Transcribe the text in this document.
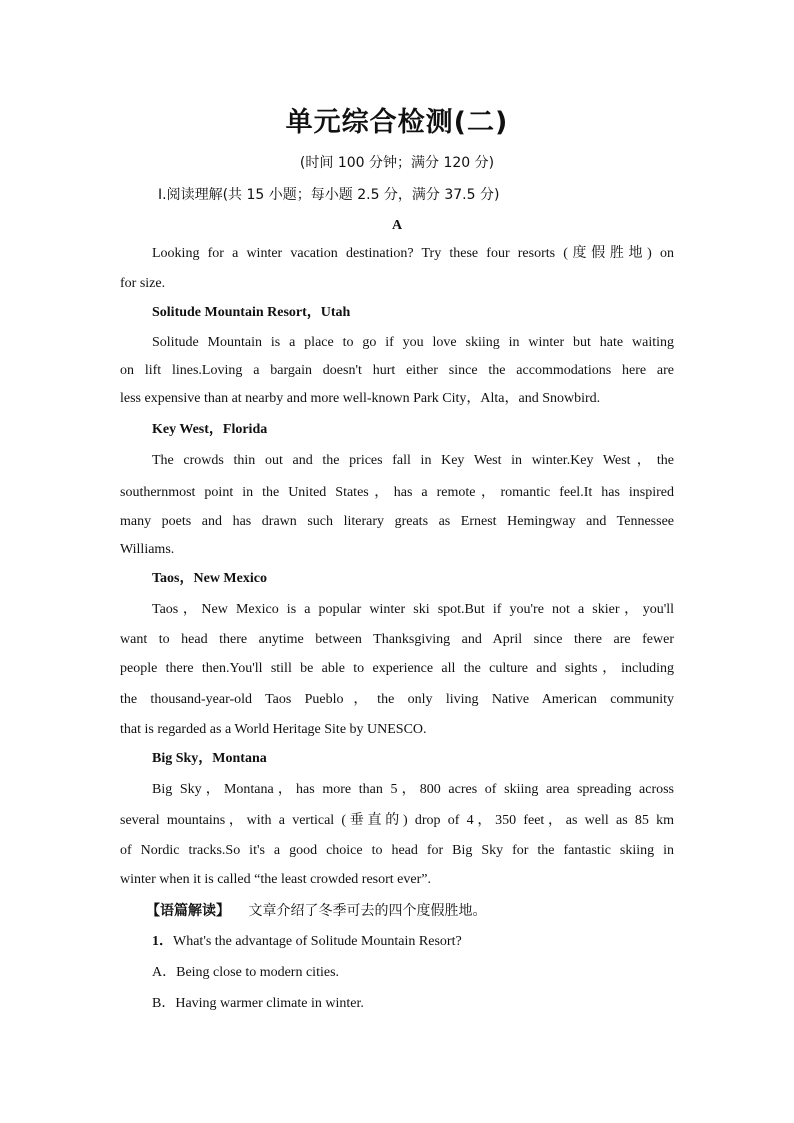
单元综合检测(二)
(时间 100 分钟；满分 120 分)
Ⅰ.阅读理解(共 15 小题；每小题 2.5 分，满分 37.5 分)
A
Looking for a winter vacation destination? Try these four resorts (度假胜地) on
for size.
Solitude Mountain Resort，Utah
Solitude Mountain is a place to go if you love skiing in winter but hate waiting
on lift lines.Loving a bargain doesn't hurt either since the accommodations here are
less expensive than at nearby and more well-known Park City，Alta，and Snowbird.
Key West，Florida
The crowds thin out and the prices fall in Key West in winter.Key West，the
southernmost point in the United States，has a remote，romantic feel.It has inspired
many poets and has drawn such literary greats as Ernest Hemingway and Tennessee
Williams.
Taos，New Mexico
Taos，New Mexico is a popular winter ski spot.But if you're not a skier，you'll
want to head there anytime between Thanksgiving and April since there are fewer
people there then.You'll still be able to experience all the culture and sights，including
the thousand-year-old Taos Pueblo，the only living Native American community
that is regarded as a World Heritage Site by UNESCO.
Big Sky，Montana
Big Sky，Montana，has more than 5，800 acres of skiing area spreading across
several mountains，with a vertical (垂直的) drop of 4，350 feet，as well as 85 km
of Nordic tracks.So it's a good choice to head for Big Sky for the fantastic skiing in
winter when it is called “the least crowded resort ever”.
【语篇解读】 文章介绍了冬季可去的四个度假胜地。
1．What's the advantage of Solitude Mountain Resort?
A．Being close to modern cities.
B．Having warmer climate in winter.
